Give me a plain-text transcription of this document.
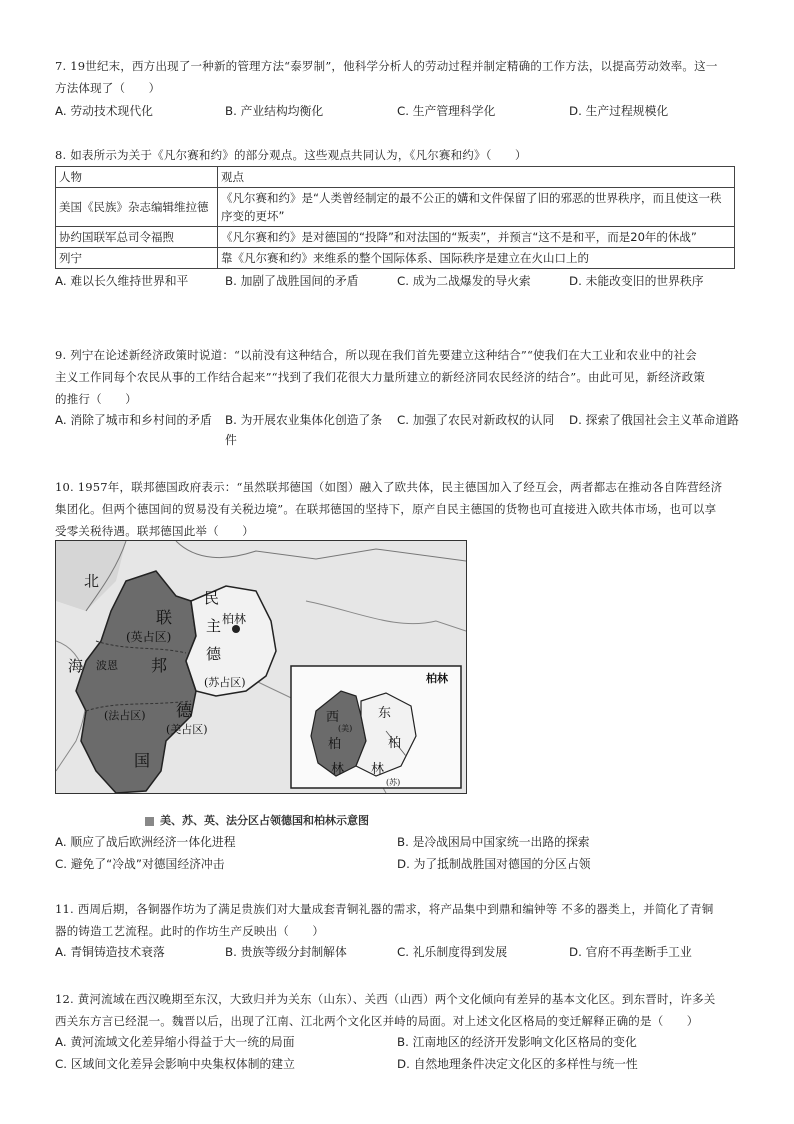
7. 19世纪末，西方出现了一种新的管理方法“泰罗制”，他科学分析人的劳动过程并制定精确的工作方法，以提高劳动效率。这一
方法体现了（　　）
A. 劳动技术现代化	B. 产业结构均衡化	C. 生产管理科学化	D. 生产过程规模化
8. 如表所示为关于《凡尔赛和约》的部分观点。这些观点共同认为，《凡尔赛和约》（　　）
人物	观点
美国《民族》杂志编辑维拉德	《凡尔赛和约》是“人类曾经制定的最不公正的媾和文件保留了旧的邪恶的世界秩序，而且使这一秩序变的更坏”
协约国联军总司令福煦	《凡尔赛和约》是对德国的“投降”和对法国的“叛卖”，并预言“这不是和平，而是20年的休战”
列宁	靠《凡尔赛和约》来维系的整个国际体系、国际秩序是建立在火山口上的
A. 难以长久维持世界和平	B. 加剧了战胜国间的矛盾	C. 成为二战爆发的导火索	D. 未能改变旧的世界秩序
9. 列宁在论述新经济政策时说道：“以前没有这种结合，所以现在我们首先要建立这种结合”“使我们在大工业和农业中的社会
主义工作同每个农民从事的工作结合起来”“找到了我们花很大力量所建立的新经济同农民经济的结合”。由此可见，新经济政策
的推行（　　）
A. 消除了城市和乡村间的矛盾	B. 为开展农业集体化创造了条件
C. 加强了农民对新政权的认同	D. 探索了俄国社会主义革命道路
10. 1957年，联邦德国政府表示：“虽然联邦德国（如图）融入了欧共体，民主德国加入了经互会，两者都志在推动各自阵营经济
集团化。但两个德国间的贸易没有关税边境”。在联邦德国的坚持下，原产自民主德国的货物也可直接进入欧共体市场，也可以享
受零关税待遇。联邦德国此举（　　）
北
海
联
(英占区)
波恩 邦
德
(法占区)
(美占区)
国
民
主
德
(苏占区)
柏林
柏林
西
(美)
柏
林
东
柏
林
(苏)
美、苏、英、法分区占领德国和柏林示意图
A. 顺应了战后欧洲经济一体化进程	B. 是冷战困局中国家统一出路的探索
C. 避免了“冷战”对德国经济冲击	D. 为了抵制战胜国对德国的分区占领
11. 西周后期，各铜器作坊为了满足贵族们对大量成套青铜礼器的需求，将产品集中到鼎和编钟等 不多的器类上，并简化了青铜
器的铸造工艺流程。此时的作坊生产反映出（　　）
A. 青铜铸造技术衰落	B. 贵族等级分封制解体	C. 礼乐制度得到发展	D. 官府不再垄断手工业
12. 黄河流域在西汉晚期至东汉，大致归并为关东（山东）、关西（山西）两个文化倾向有差异的基本文化区。到东晋时，许多关
西关东方言已经混一。魏晋以后，出现了江南、江北两个文化区并峙的局面。对上述文化区格局的变迁解释正确的是（　　）
A. 黄河流域文化差异缩小得益于大一统的局面	B. 江南地区的经济开发影响文化区格局的变化
C. 区域间文化差异会影响中央集权体制的建立	D. 自然地理条件决定文化区的多样性与统一性
